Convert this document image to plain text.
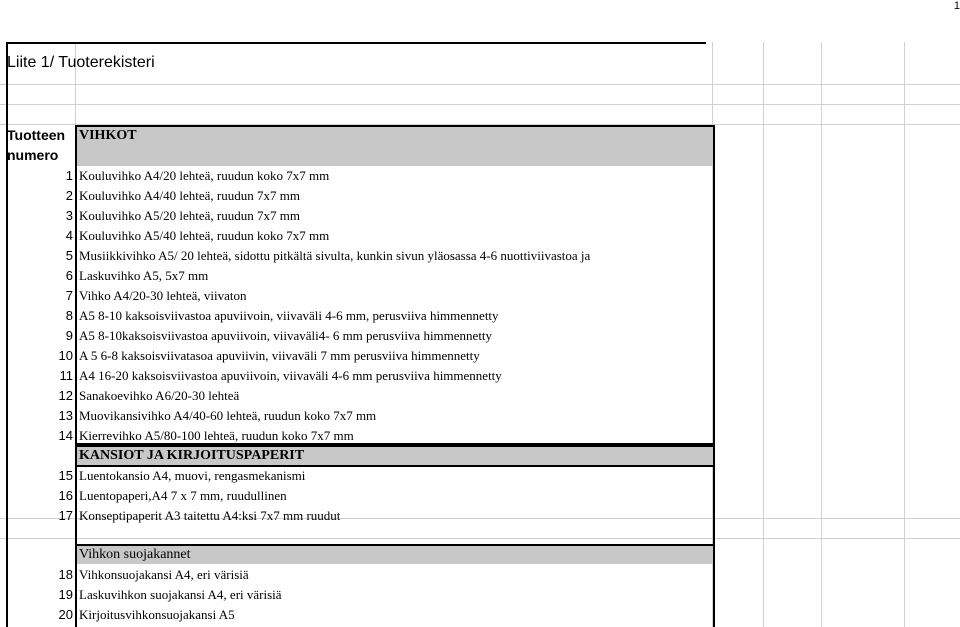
1
Liite 1/ Tuoterekisteri
Tuotteen
numero
VIHKOT
1 Kouluvihko A4/20 lehteä, ruudun koko 7x7 mm
2 Kouluvihko A4/40 lehteä, ruudun 7x7 mm
3 Kouluvihko A5/20 lehteä, ruudun 7x7 mm
4 Kouluvihko A5/40 lehteä, ruudun koko 7x7 mm
5 Musiikkivihko A5/ 20 lehteä, sidottu pitkältä sivulta, kunkin sivun yläosassa 4-6 nuottiviivastoa ja
6 Laskuvihko A5, 5x7 mm
7 Vihko A4/20-30 lehteä, viivaton
8 A5 8-10 kaksoisviivastoa apuviivoin, viivaväli 4-6 mm, perusviiva himmennetty
9 A5 8-10kaksoisviivastoa apuviivoin, viivaväli4- 6 mm perusviiva himmennetty
10 A 5 6-8 kaksoisviivatasoa apuviivin, viivaväli 7 mm perusviiva himmennetty
11 A4 16-20 kaksoisviivastoa apuviivoin, viivaväli 4-6 mm perusviiva himmennetty
12 Sanakoevihko A6/20-30 lehteä
13 Muovikansivihko A4/40-60 lehteä, ruudun koko 7x7 mm
14 Kierrevihko A5/80-100 lehteä, ruudun koko 7x7 mm
KANSIOT JA KIRJOITUSPAPERIT
15 Luentokansio A4, muovi, rengasmekanismi
16 Luentopaperi,A4 7 x 7 mm, ruudullinen
17 Konseptipaperit A3 taitettu A4:ksi 7x7 mm ruudut
Vihkon suojakannet
18 Vihkonsuojakansi A4, eri värisiä
19 Laskuvihkon suojakansi A4, eri värisiä
20 Kirjoitusvihkonsuojakansi A5
